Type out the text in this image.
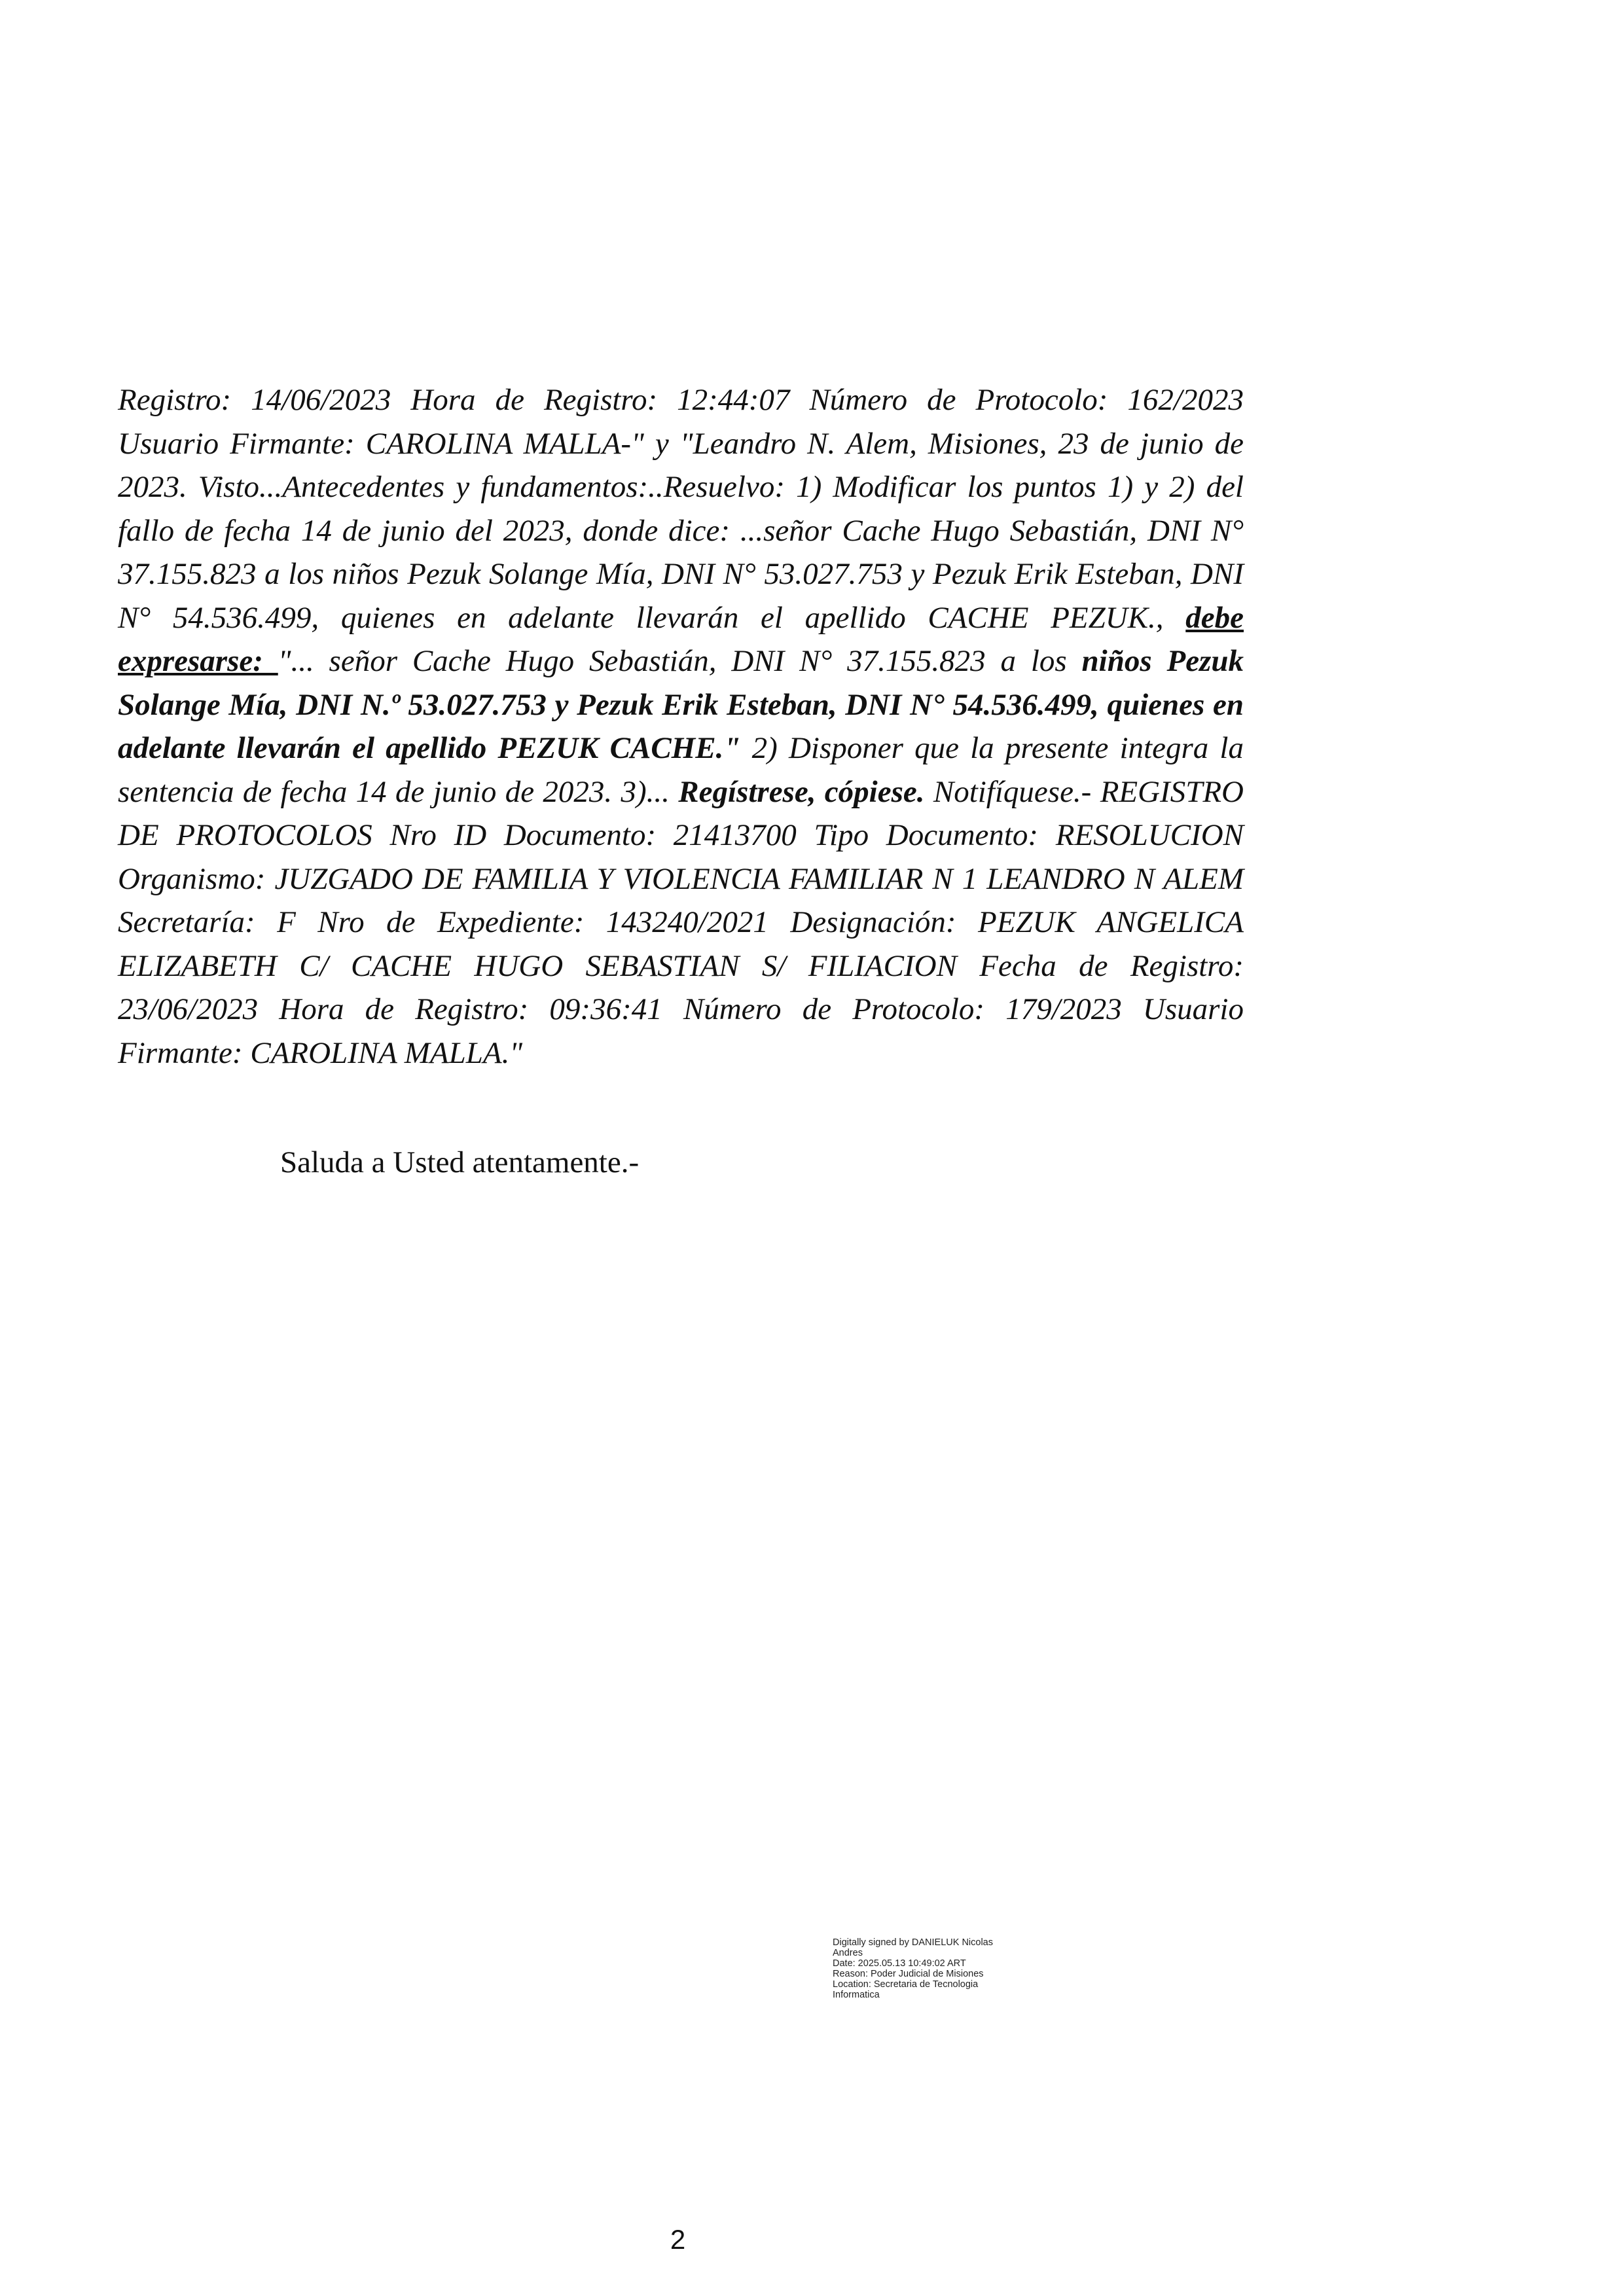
Registro: 14/06/2023 Hora de Registro: 12:44:07 Número de Protocolo: 162/2023 Usuario Firmante: CAROLINA MALLA-" y "Leandro N. Alem, Misiones, 23 de junio de 2023. Visto...Antecedentes y fundamentos:..Resuelvo: 1) Modificar los puntos 1) y 2) del fallo de fecha 14 de junio del 2023, donde dice: ...señor Cache Hugo Sebastián, DNI N° 37.155.823 a los niños Pezuk Solange Mía, DNI N° 53.027.753 y Pezuk Erik Esteban, DNI N° 54.536.499, quienes en adelante llevarán el apellido CACHE PEZUK., debe expresarse: "... señor Cache Hugo Sebastián, DNI N° 37.155.823 a los niños Pezuk Solange Mía, DNI N.º 53.027.753 y Pezuk Erik Esteban, DNI N° 54.536.499, quienes en adelante llevarán el apellido PEZUK CACHE." 2) Disponer que la presente integra la sentencia de fecha 14 de junio de 2023. 3)... Regístrese, cópiese. Notifíquese.- REGISTRO DE PROTOCOLOS Nro ID Documento: 21413700 Tipo Documento: RESOLUCION Organismo: JUZGADO DE FAMILIA Y VIOLENCIA FAMILIAR N 1 LEANDRO N ALEM Secretaría: F Nro de Expediente: 143240/2021 Designación: PEZUK ANGELICA ELIZABETH C/ CACHE HUGO SEBASTIAN S/ FILIACION Fecha de Registro: 23/06/2023 Hora de Registro: 09:36:41 Número de Protocolo: 179/2023 Usuario Firmante: CAROLINA MALLA."

Saluda a Usted atentamente.-

Digitally signed by DANIELUK Nicolas
Andres
Date: 2025.05.13 10:49:02 ART
Reason: Poder Judicial de Misiones
Location: Secretaria de Tecnologia
Informatica
2
